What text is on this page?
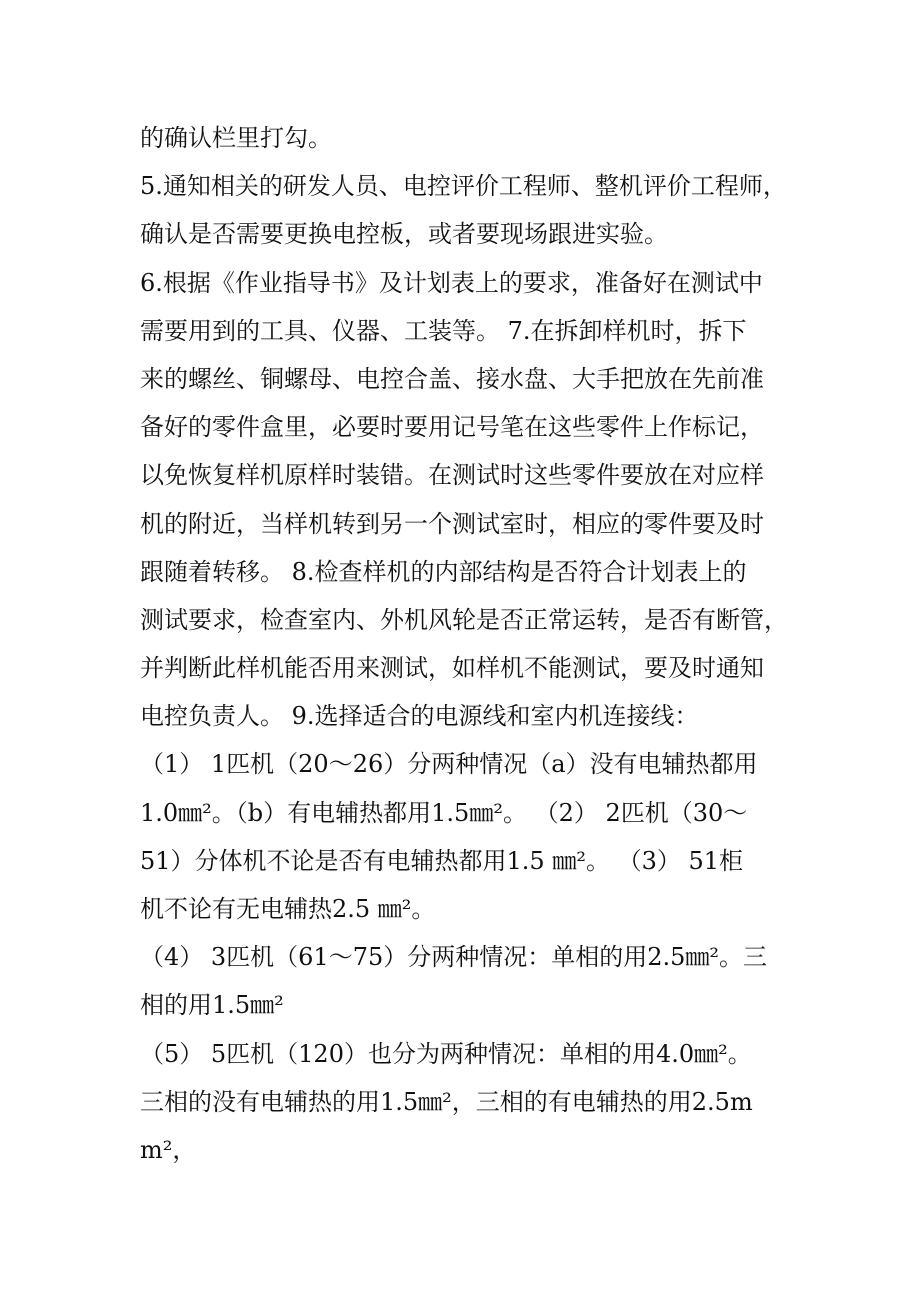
的确认栏里打勾。
5.通知相关的研发人员、电控评价工程师、整机评价工程师，
确认是否需要更换电控板，或者要现场跟进实验。
6.根据《作业指导书》及计划表上的要求，准备好在测试中
需要用到的工具、仪器、工装等。 7.在拆卸样机时，拆下
来的螺丝、铜螺母、电控合盖、接水盘、大手把放在先前准
备好的零件盒里，必要时要用记号笔在这些零件上作标记，
以免恢复样机原样时装错。在测试时这些零件要放在对应样
机的附近，当样机转到另一个测试室时，相应的零件要及时
跟随着转移。 8.检查样机的内部结构是否符合计划表上的
测试要求，检查室内、外机风轮是否正常运转，是否有断管，
并判断此样机能否用来测试，如样机不能测试，要及时通知
电控负责人。 9.选择适合的电源线和室内机连接线：
（1） 1匹机（20～26）分两种情况（a）没有电辅热都用
1.0㎜²。（b）有电辅热都用1.5㎜²。 （2） 2匹机（30～
51）分体机不论是否有电辅热都用1.5 ㎜²。 （3） 51柜
机不论有无电辅热2.5 ㎜²。
（4） 3匹机（61～75）分两种情况：单相的用2.5㎜²。三
相的用1.5㎜²
（5） 5匹机（120）也分为两种情况：单相的用4.0㎜²。
三相的没有电辅热的用1.5㎜²，三相的有电辅热的用2.5m
m²，
